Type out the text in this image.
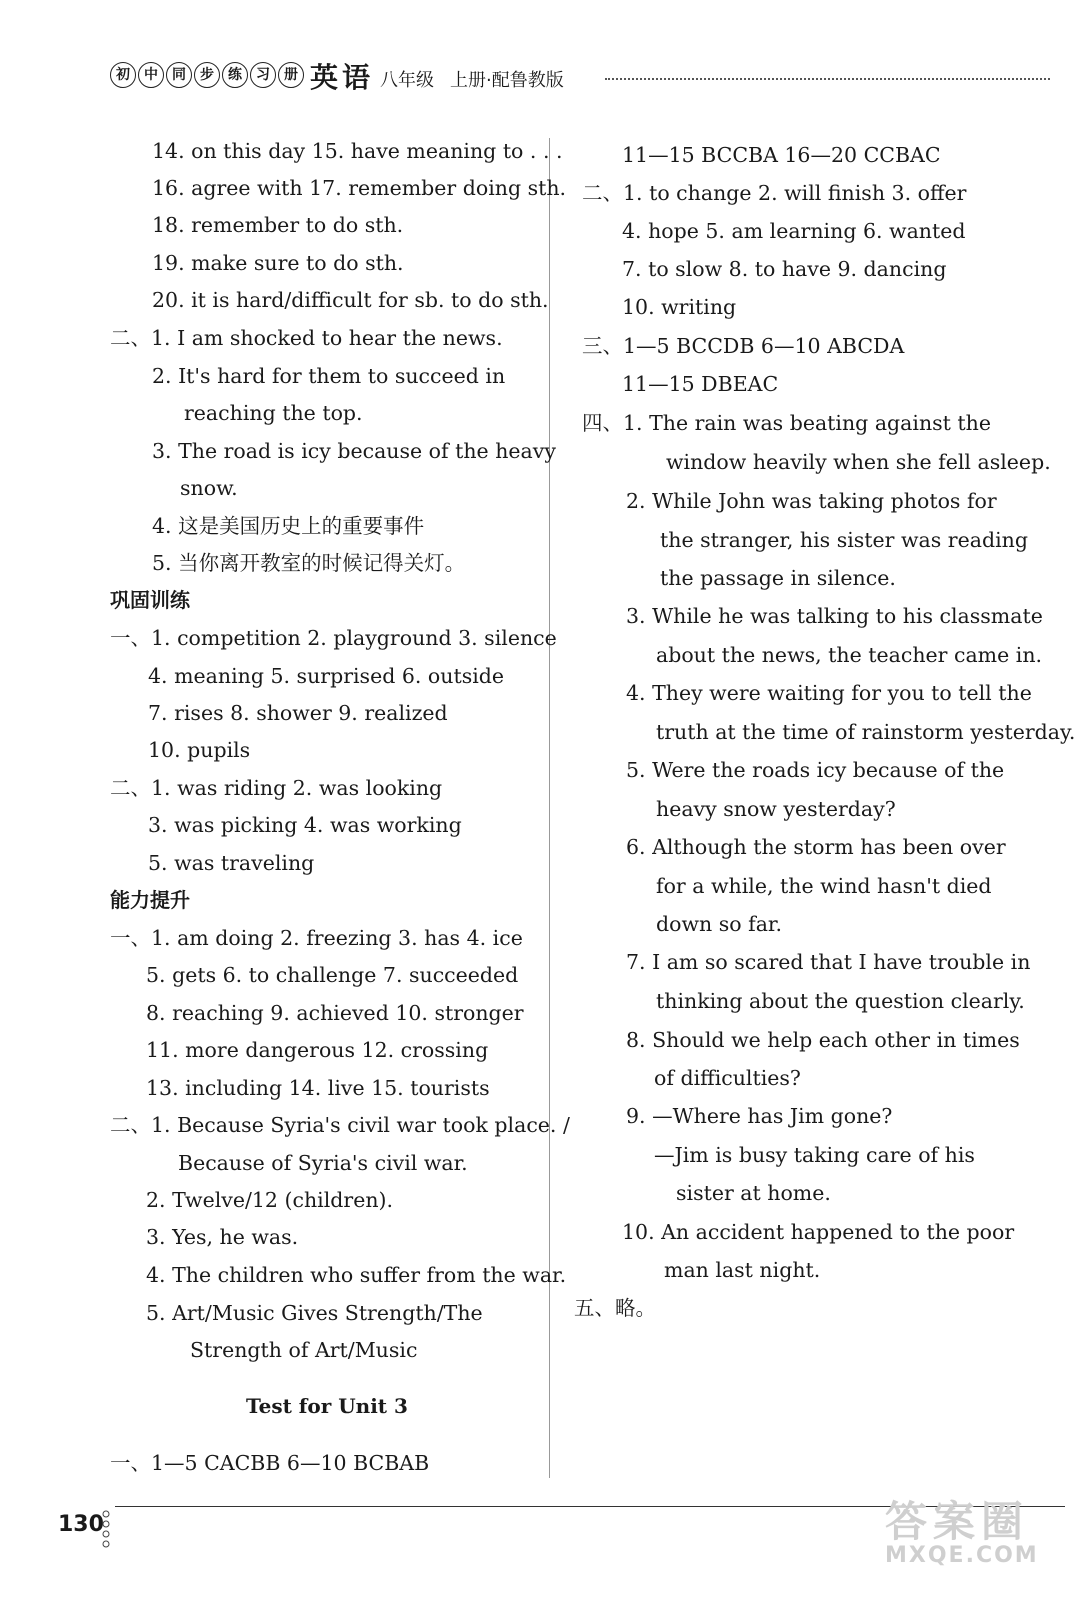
初	中	同	步	练	习	册 英语 八年级 上册·配鲁教版
14. on this day 15. have meaning to . . .
16. agree with 17. remember doing sth.
18. remember to do sth.
19. make sure to do sth.
20. it is hard/difficult for sb. to do sth.
二、1. I am shocked to hear the news.
2. It's hard for them to succeed in
reaching the top.
3. The road is icy because of the heavy
snow.
4. 这是美国历史上的重要事件
5. 当你离开教室的时候记得关灯。
巩固训练
一、1. competition 2. playground 3. silence
4. meaning 5. surprised 6. outside
7. rises 8. shower 9. realized
10. pupils
二、1. was riding 2. was looking
3. was picking 4. was working
5. was traveling
能力提升
一、1. am doing 2. freezing 3. has 4. ice
5. gets 6. to challenge 7. succeeded
8. reaching 9. achieved 10. stronger
11. more dangerous 12. crossing
13. including 14. live 15. tourists
二、1. Because Syria's civil war took place. /
Because of Syria's civil war.
2. Twelve/12 (children).
3. Yes, he was.
4. The children who suffer from the war.
5. Art/Music Gives Strength/The
Strength of Art/Music
Test for Unit 3
一、1—5 CACBB 6—10 BCBAB
11—15 BCCBA 16—20 CCBAC
二、1. to change 2. will finish 3. offer
4. hope 5. am learning 6. wanted
7. to slow 8. to have 9. dancing
10. writing
三、1—5 BCCDB 6—10 ABCDA
11—15 DBEAC
四、1. The rain was beating against the
window heavily when she fell asleep.
2. While John was taking photos for
the stranger, his sister was reading
the passage in silence.
3. While he was talking to his classmate
about the news, the teacher came in.
4. They were waiting for you to tell the
truth at the time of rainstorm yesterday.
5. Were the roads icy because of the
heavy snow yesterday?
6. Although the storm has been over
for a while, the wind hasn't died
down so far.
7. I am so scared that I have trouble in
thinking about the question clearly.
8. Should we help each other in times
of difficulties?
9. —Where has Jim gone?
—Jim is busy taking care of his
sister at home.
10. An accident happened to the poor
man last night.
五、略。
130	答案圈
MXQE.COM
